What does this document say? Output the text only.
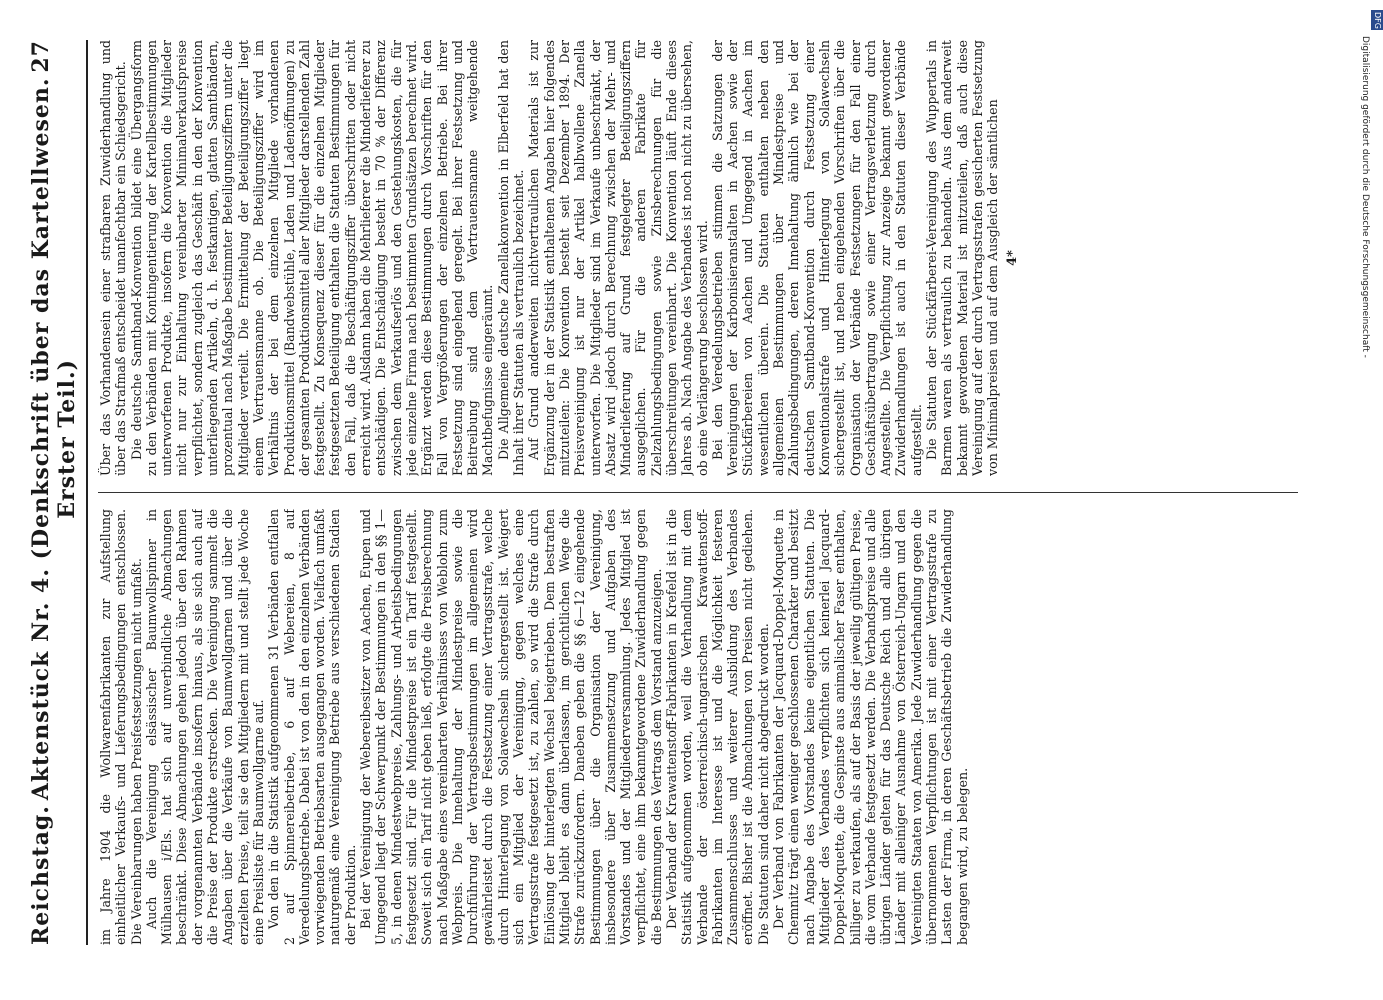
Reichstag.
Aktenstück Nr. 4. (Denkschrift über das Kartellwesen. Erster Teil.)
27

im Jahre 1904 die Wollwarenfabrikanten zur Aufstellung einheitlicher Verkaufs- und Lieferungsbedingungen entschlossen. Die Vereinbarungen haben Preisfestsetzungen nicht umfaßt. Auch die Vereinigung elsässischer Baumwollspinner in Mülhausen i/Els. hat sich auf unverbindliche Abmachungen beschränkt. Diese Abmachungen gehen jedoch über den Rahmen der vorgenannten Verbände insofern hinaus, als sie sich auch auf die Preise der Produkte erstrecken. Die Vereinigung sammelt die Angaben über die Verkäufe von Baumwollgarnen und über die erzielten Preise, teilt sie den Mitgliedern mit und stellt jede Woche eine Preisliste für Baumwollgarne auf. Von den in die Statistik aufgenommenen 31 Verbänden entfallen 2 auf Spinnereibetriebe, 6 auf Webereien, 8 auf Veredelungsbetriebe. Dabei ist von den in den einzelnen Verbänden vorwiegenden Betriebsarten ausgegangen worden. Vielfach umfaßt naturgemäß eine Vereinigung Betriebe aus verschiedenen Stadien der Produktion. Bei der Vereinigung der Webereibesitzer von Aachen, Eupen und Umgegend liegt der Schwerpunkt der Bestimmungen in den §§ 1—5, in denen Mindestwebpreise, Zahlungs- und Arbeitsbedingungen festgesetzt sind. Für die Mindestpreise ist ein Tarif festgestellt. Soweit sich ein Tarif nicht geben ließ, erfolgte die Preisberechnung nach Maßgabe eines vereinbarten Verhältnisses von Weblohn zum Webpreis. Die Innehaltung der Mindestpreise sowie die Durchführung der Vertragsbestimmungen im allgemeinen wird gewährleistet durch die Festsetzung einer Vertragsstrafe, welche durch Hinterlegung von Solawechseln sichergestellt ist. Weigert sich ein Mitglied der Vereinigung, gegen welches eine Vertragsstrafe festgesetzt ist, zu zahlen, so wird die Strafe durch Einlösung der hinterlegten Wechsel beigetrieben. Dem bestraften Mitglied bleibt es dann überlassen, im gerichtlichen Wege die Strafe zurückzufordern. Daneben geben die §§ 6—12 eingehende Bestimmungen über die Organisation der Vereinigung, insbesondere über Zusammensetzung und Aufgaben des Vorstandes und der Mitgliederversammlung. Jedes Mitglied ist verpflichtet, eine ihm bekanntgewordene Zuwiderhandlung gegen die Bestimmungen des Vertrags dem Vorstand anzuzeigen. Der Verband der Krawattenstoff-Fabrikanten in Krefeld ist in die Statistik aufgenommen worden, weil die Verhandlung mit dem Verbande der österreichisch-ungarischen Krawattenstoff-Fabrikanten im Interesse ist und die Möglichkeit festeren Zusammenschlusses und weiterer Ausbildung des Verbandes eröffnet. Bisher ist die Abmachungen von Preisen nicht gediehen. Die Statuten sind daher nicht abgedruckt worden. Der Verband von Fabrikanten der Jacquard-Doppel-Moquette in Chemnitz trägt einen weniger geschlossenen Charakter und besitzt nach Angabe des Vorstandes keine eigentlichen Statuten. Die Mitglieder des Verbandes verpflichten sich keinerlei Jacquard-Doppel-Moquette, die Gespinste aus animalischer Faser enthalten, billiger zu verkaufen, als auf der Basis der jeweilig gültigen Preise, die vom Verbande festgesetzt werden. Die Verbandspreise und alle übrigen Länder gelten für das Deutsche Reich und alle übrigen Länder mit alleiniger Ausnahme von Österreich-Ungarn und den Vereinigten Staaten von Amerika. Jede Zuwiderhandlung gegen die übernommenen Verpflichtungen ist mit einer Vertragsstrafe zu Lasten der Firma, in deren Geschäftsbetrieb die Zuwiderhandlung begangen wird, zu belegen.

Über das Vorhandensein einer strafbaren Zuwiderhandlung und über das Strafmaß entscheidet unanfechtbar ein Schiedsgericht. Die deutsche Samtband-Konvention bildet eine Übergangsform zu den Verbänden mit Kontingentierung der Kartellbestimmungen unterworfenen Produkte, insofern die Konvention die Mitglieder nicht nur zur Einhaltung vereinbarter Minimalverkaufspreise verpflichtet, sondern zugleich das Geschäft in den der Konvention unterliegenden Artikeln, d. h. festkantigen, glatten Samtbändern, prozentual nach Maßgabe bestimmter Beteiligungsziffern unter die Mitglieder verteilt. Die Ermittelung der Beteiligungsziffer liegt einem Vertrauensmanne ob. Die Beteiligungsziffer wird im Verhältnis der bei dem einzelnen Mitgliede vorhandenen Produktionsmittel (Bandwebstühle, Laden und Ladenöffnungen) zu der gesamten Produktionsmittel aller Mitglieder darstellenden Zahl festgestellt. Zu Konsequenz dieser für die einzelnen Mitglieder festgesetzten Beteiligung enthalten die Statuten Bestimmungen für den Fall, daß die Beschäftigungsziffer überschritten oder nicht erreicht wird. Alsdann haben die Mehrlieferer die Minderlieferer zu entschädigen. Die Entschädigung besteht in 70 % der Differenz zwischen dem Verkaufserlös und den Gestehungskosten, die für jede einzelne Firma nach bestimmten Grundsätzen berechnet wird. Ergänzt werden diese Bestimmungen durch Vorschriften für den Fall von Vergrößerungen der einzelnen Betriebe. Bei ihrer Festsetzung sind eingehend geregelt. Bei ihrer Festsetzung und Beitreibung sind dem Vertrauensmanne weitgehende Machtbefugnisse eingeräumt. Die Allgemeine deutsche Zanellakonvention in Elberfeld hat den Inhalt ihrer Statuten als vertraulich bezeichnet. Auf Grund anderweiten nichtvertraulichen Materials ist zur Ergänzung der in der Statistik enthaltenen Angaben hier folgendes mitzuteilen: Die Konvention besteht seit Dezember 1894. Der Preisvereinigung ist nur der Artikel halbwollene Zanella unterworfen. Die Mitglieder sind im Verkaufe unbeschränkt, der Absatz wird jedoch durch Berechnung zwischen der Mehr- und Minderlieferung auf Grund festgelegter Beteiligungsziffern ausgeglichen. Für die anderen Fabrikate für Zielzahlungsbedingungen sowie Zinsberechnungen für die überschreitungen vereinbart. Die Konvention läuft Ende dieses Jahres ab. Nach Angabe des Verbandes ist noch nicht zu übersehen, ob eine Verlängerung beschlossen wird. Bei den Veredelungsbetrieben stimmen die Satzungen der Vereinigungen der Karbonisieranstalten in Aachen sowie der Stückfärbereien von Aachen und Umgegend in Aachen im wesentlichen überein. Die Statuten enthalten neben den allgemeinen Bestimmungen über Mindestpreise und Zahlungsbedingungen, deren Innehaltung ähnlich wie bei der deutschen Samtband-Konvention durch Festsetzung einer Konventionalstrafe und Hinterlegung von Solawechseln sichergestellt ist, und neben eingehenden Vorschriften über die Organisation der Verbände Festsetzungen für den Fall einer Geschäftsübertragung sowie einer Vertragsverletzung durch Angestellte. Die Verpflichtung zur Anzeige bekannt gewordener Zuwiderhandlungen ist auch in den Statuten dieser Verbände aufgestellt. Die Statuten der Stückfärberei-Vereinigung des Wuppertals in Barmen waren als vertraulich zu behandeln. Aus dem anderweit bekannt gewordenen Material ist mitzuteilen, daß auch diese Vereinigung auf der durch Vertragsstrafen gesicherten Festsetzung von Minimalpreisen und auf dem Ausgleich der sämtlichen 4*
DFG
Digitalisierung gefördert durch die Deutsche Forschungsgemeinschaft -
